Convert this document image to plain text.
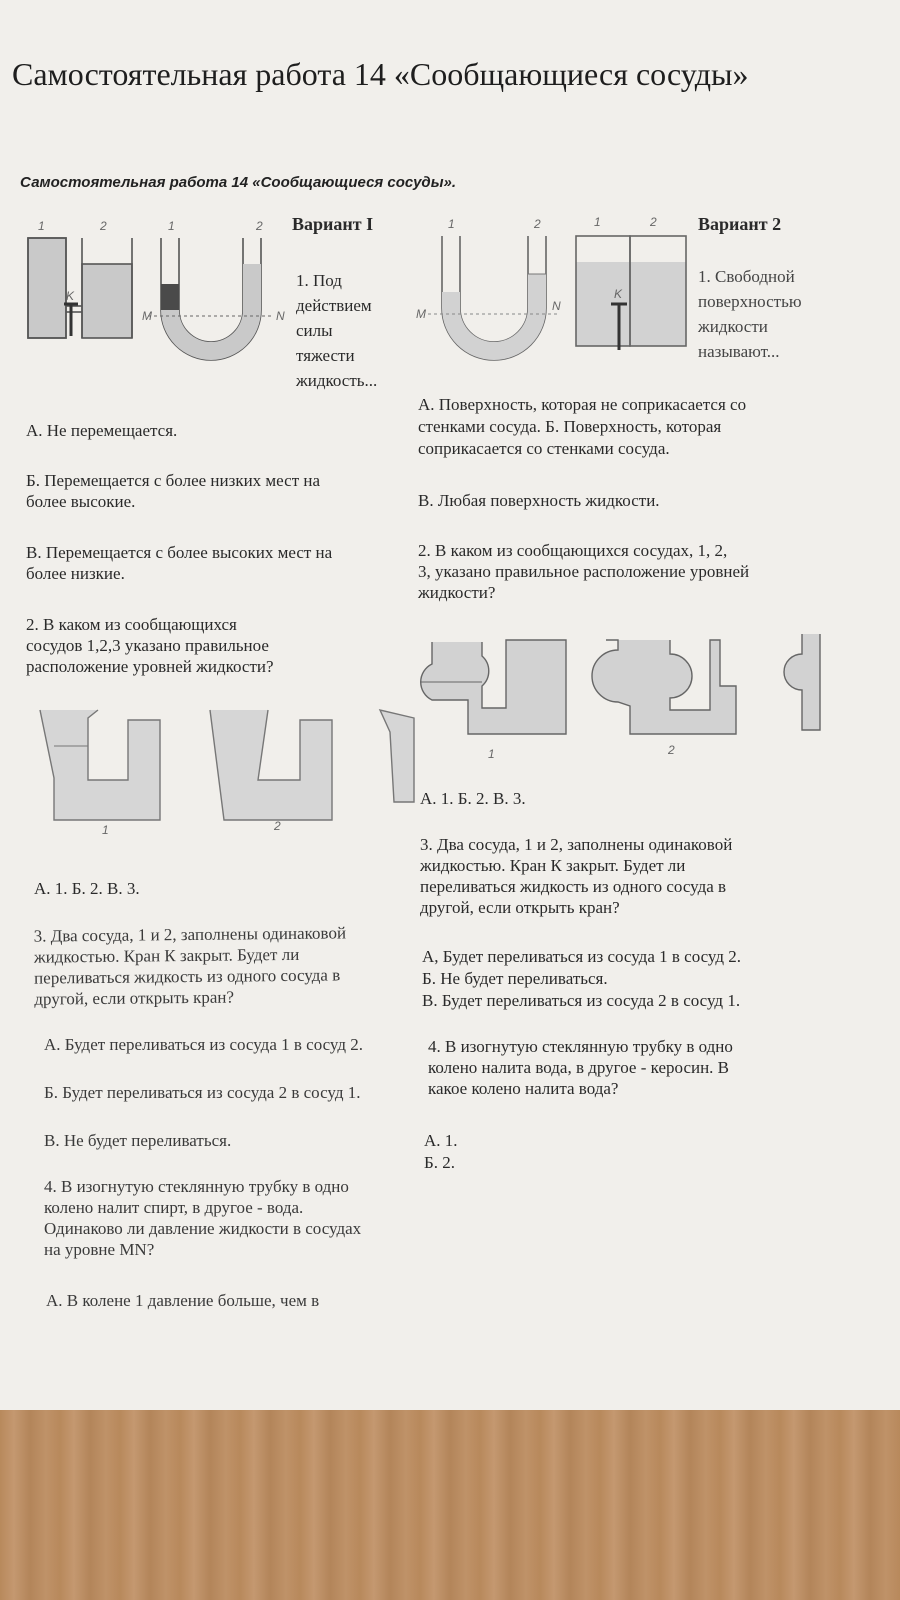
Самостоятельная работа 14 «Сообщающиеся сосуды»
Самостоятельная работа 14 «Сообщающиеся сосуды».
Вариант I
K
1	2
M	N
1	2
1. Под
действием
силы
тяжести
жидкость...
А. Не перемещается.
Б. Перемещается с более низких мест на
более высокие.
В. Перемещается с более высоких мест на
более низкие.
2. В каком из сообщающихся
сосудов 1,2,3 указано правильное
расположение уровней жидкости?
1	2
А. 1. Б. 2. В. 3.
3. Два сосуда, 1 и 2, заполнены одинаковой
жидкостью. Кран К закрыт. Будет ли
переливаться жидкость из одного сосуда в
другой, если открыть кран?
А. Будет переливаться из сосуда 1 в сосуд 2.
Б. Будет переливаться из сосуда 2 в сосуд 1.
В. Не будет переливаться.
4. В изогнутую стеклянную трубку в одно
колено налит спирт, в другое - вода.
Одинаково ли давление жидкости в сосудах
на уровне MN?
А. В колене 1 давление больше, чем в
Вариант 2
M
N
1	2
K
1	2
1. Свободной
поверхностью
жидкости
называют...
А. Поверхность, которая не соприкасается со
стенками сосуда. Б. Поверхность, которая
соприкасается со стенками сосуда.
В. Любая поверхность жидкости.
2. В каком из сообщающихся сосудах, 1, 2,
3, указано правильное расположение уровней
жидкости?
1	2
А. 1. Б. 2. В. 3.
3. Два сосуда, 1 и 2, заполнены одинаковой
жидкостью. Кран К закрыт. Будет ли
переливаться жидкость из одного сосуда в
другой, если открыть кран?
А, Будет переливаться из сосуда 1 в сосуд 2.
Б. Не будет переливаться.
В. Будет переливаться из сосуда 2 в сосуд 1.
4. В изогнутую стеклянную трубку в одно
колено налита вода, в другое - керосин. В
какое колено налита вода?
А. 1.
Б. 2.
